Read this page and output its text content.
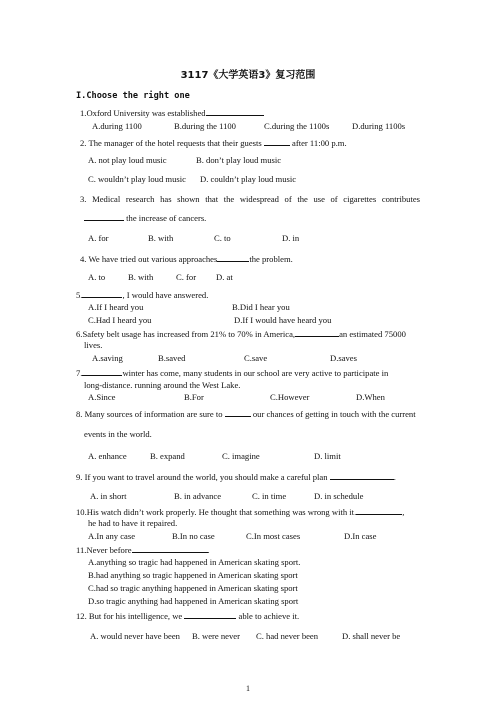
3117《大学英语3》复习范围
I.Choose the right one
1.Oxford University was established
A.during 1100	B.during the 1100	C.during the 1100s	D.during 1100s
2. The manager of the hotel requests that their guests	after 11:00 p.m.
A. not play loud music	B. don’t play loud music
C. wouldn’t play loud music D. couldn’t play loud music
3. Medical research has shown that the widespread of the use of cigarettes contributes
the increase of cancers.
A. for	B. with	C. to	D. in
4. We have tried out various approaches	the problem.
A. to	B. with	C. for D. at
5.	, I would have answered.
A.If I heard you	B.Did I hear you
C.Had I heard you	D.If I would have heard you
6.Safety belt usage has increased from 21% to 70% in America,	an estimated 75000
lives.
A.saving	B.saved	C.save	D.saves
7.	winter has come, many students in our school are very active to participate in
long-distance. running around the West Lake.
A.Since	B.For	C.However	D.When
8. Many sources of information are sure to	our chances of getting in touch with the current
events in the world.
A. enhance	B. expand	C. imagine	D. limit
9. If you want to travel around the world, you should make a careful plan	.
A. in short	B. in advance	C. in time	D. in schedule
10.His watch didn’t work properly. He thought that something was wrong with it.	,
he had to have it repaired.
A.In any case	B.In no case	C.In most cases	D.In case
11.Never before	.
A.anything so tragic had happened in American skating sport.
B.had anything so tragic happened in American skating sport
C.had so tragic anything happened in American skating sport
D.so tragic anything had happened in American skating sport
12. But for his intelligence, we	able to achieve it.
A. would never have been B. were never C. had never been	D. shall never be
1
